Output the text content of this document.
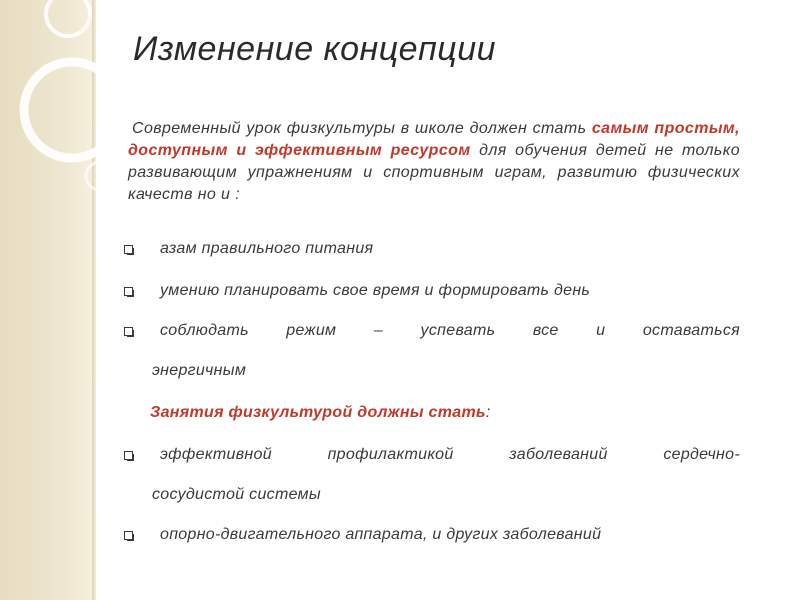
Изменение концепции

Современный урок физкультуры в школе должен стать самым простым, доступным и эффективным ресурсом для обучения детей не только развивающим упражнениям и спортивным играм, развитию физических качеств но и :

азам правильного питания

умению планировать свое время и формировать день

соблюдать режим – успевать все и оставаться

энергичным

Занятия физкультурой должны стать:

эффективной профилактикой заболеваний сердечно-

сосудистой системы

опорно-двигательного аппарата, и других заболеваний
